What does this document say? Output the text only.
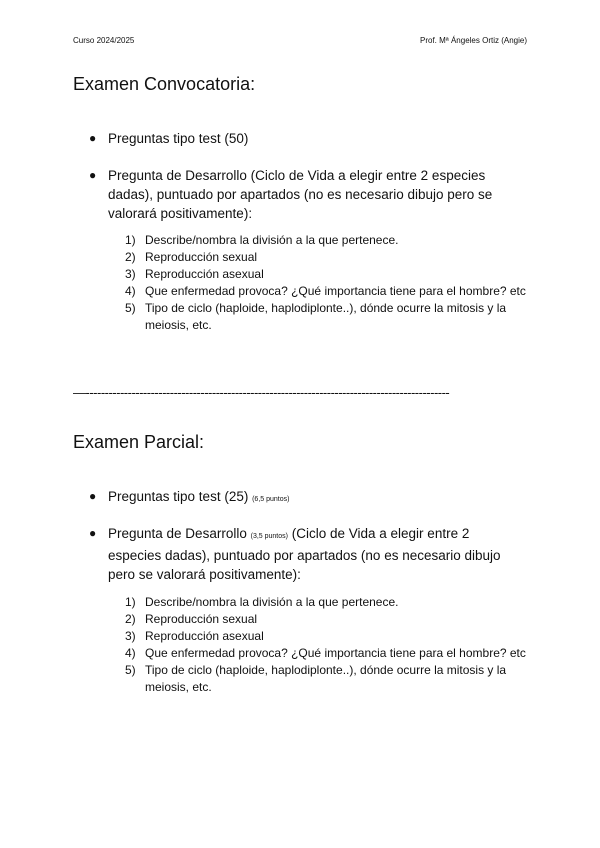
Curso 2024/2025	Prof. Mª Ángeles Ortiz (Angie)
Examen Convocatoria:
● Preguntas tipo test (50)
● Pregunta de Desarrollo (Ciclo de Vida a elegir entre 2 especies dadas), puntuado por apartados (no es necesario dibujo pero se valorará positivamente):
1) Describe/nombra la división a la que pertenece.
2) Reproducción sexual
3) Reproducción asexual
4) Que enfermedad provoca? ¿Qué importancia tiene para el hombre? etc
5) Tipo de ciclo (haploide, haplodiplonte..), dónde ocurre la mitosis y la meiosis, etc.
—-----------------------------------------------------------------------------------------------
Examen Parcial:
● Preguntas tipo test (25) (6,5 puntos)
● Pregunta de Desarrollo (3,5 puntos) (Ciclo de Vida a elegir entre 2 especies dadas), puntuado por apartados (no es necesario dibujo pero se valorará positivamente):
1) Describe/nombra la división a la que pertenece.
2) Reproducción sexual
3) Reproducción asexual
4) Que enfermedad provoca? ¿Qué importancia tiene para el hombre? etc
5) Tipo de ciclo (haploide, haplodiplonte..), dónde ocurre la mitosis y la meiosis, etc.
